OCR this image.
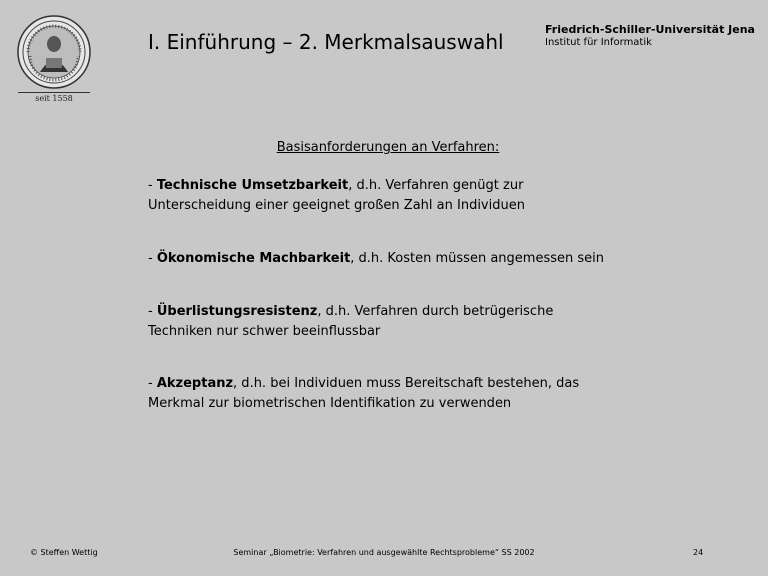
seit 1558
I. Einführung – 2. Merkmalsauswahl
Friedrich-Schiller-Universität Jena
Institut für Informatik
Basisanforderungen an Verfahren:
- Technische Umsetzbarkeit, d.h. Verfahren genügt zur
Unterscheidung einer geeignet großen Zahl an Individuen
- Ökonomische Machbarkeit, d.h. Kosten müssen angemessen sein
- Überlistungsresistenz, d.h. Verfahren durch betrügerische
Techniken nur schwer beeinflussbar
- Akzeptanz, d.h. bei Individuen muss Bereitschaft bestehen, das
Merkmal zur biometrischen Identifikation zu verwenden
© Steffen Wettig	Seminar „Biometrie: Verfahren und ausgewählte Rechtsprobleme“ SS 2002	24
